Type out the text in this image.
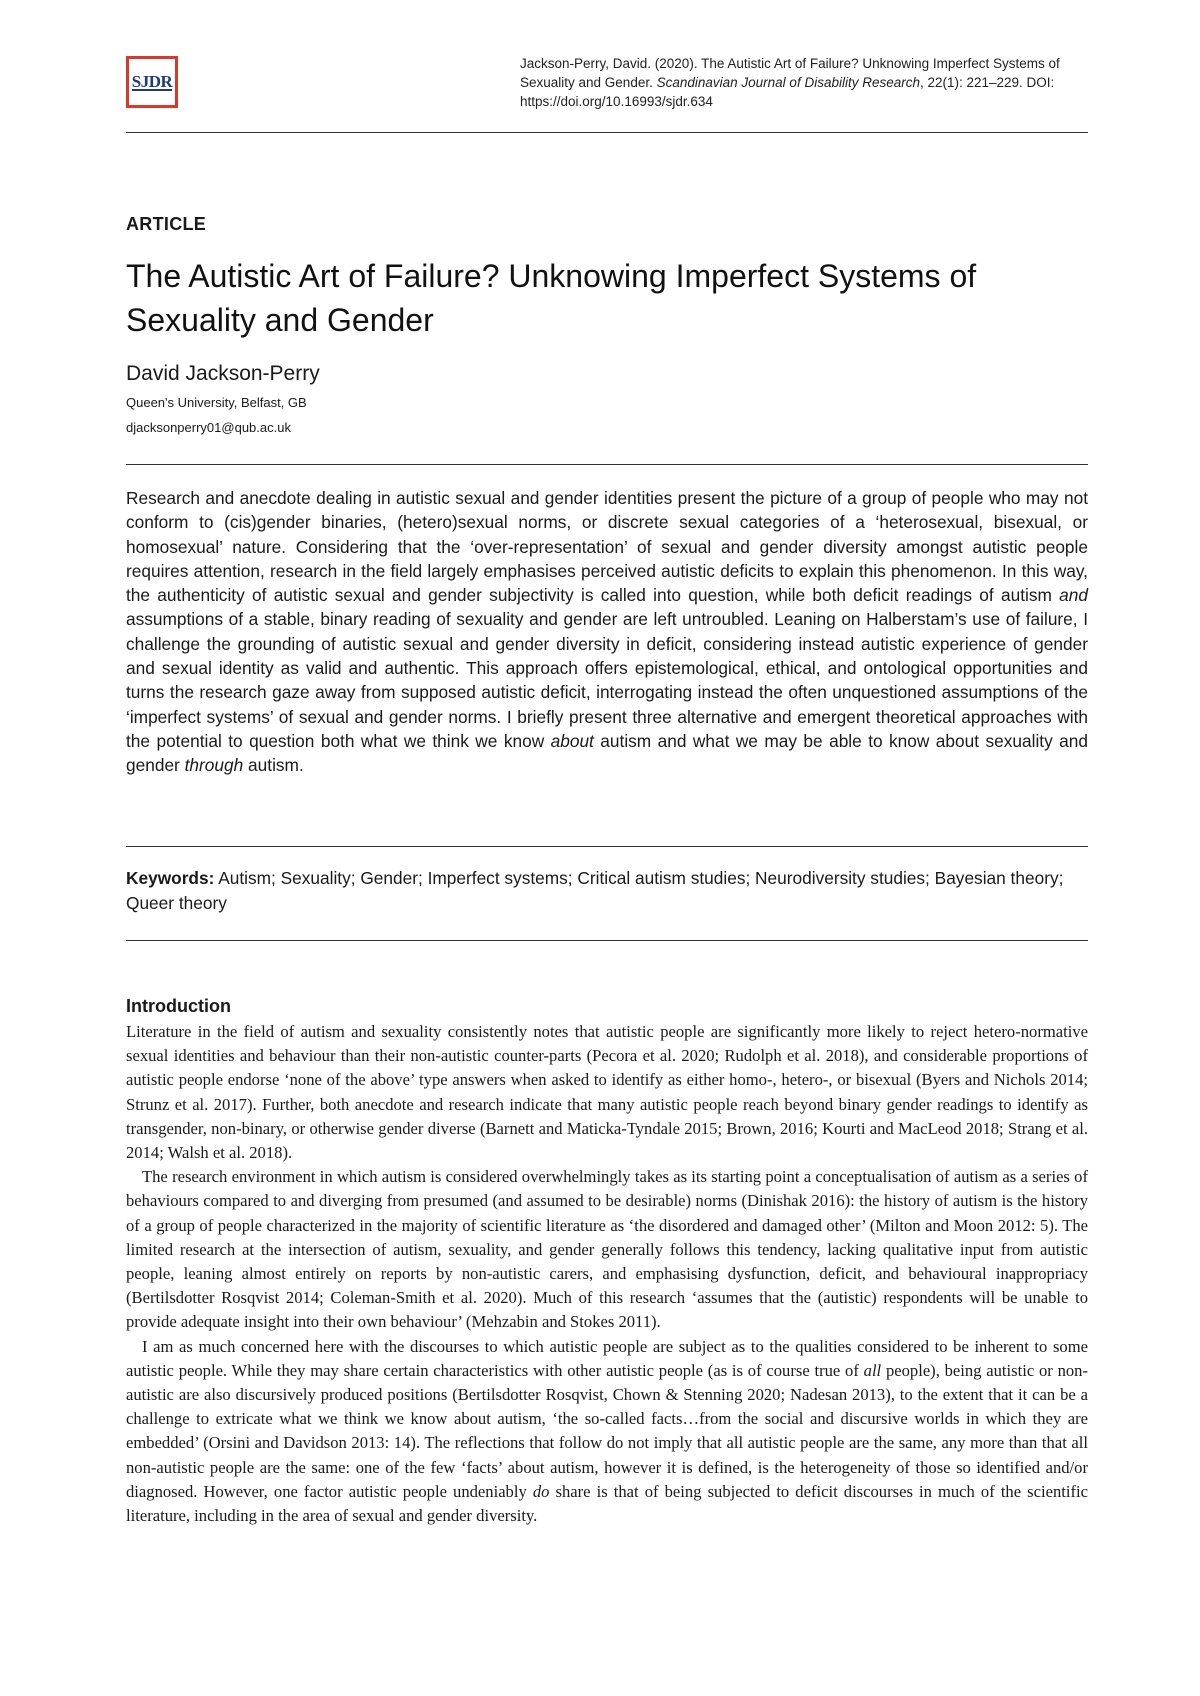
SJDR
Jackson-Perry, David. (2020). The Autistic Art of Failure? Unknowing Imperfect Systems of Sexuality and Gender. Scandinavian Journal of Disability Research, 22(1): 221–229. DOI: https://doi.org/10.16993/sjdr.634
ARTICLE
The Autistic Art of Failure? Unknowing Imperfect Systems of Sexuality and Gender
David Jackson-Perry
Queen's University, Belfast, GB
djacksonperry01@qub.ac.uk

Research and anecdote dealing in autistic sexual and gender identities present the picture of a group of people who may not conform to (cis)gender binaries, (hetero)sexual norms, or discrete sexual categories of a ‘heterosexual, bisexual, or homosexual’ nature. Considering that the ‘over-representation’ of sexual and gender diversity amongst autistic people requires attention, research in the field largely emphasises perceived autistic deficits to explain this phenomenon. In this way, the authenticity of autistic sexual and gender subjectivity is called into question, while both deficit readings of autism and assumptions of a stable, binary reading of sexuality and gender are left untroubled. Leaning on Halberstam’s use of failure, I challenge the grounding of autistic sexual and gender diversity in deficit, considering instead autistic experience of gender and sexual identity as valid and authentic. This approach offers epistemological, ethical, and ontological opportunities and turns the research gaze away from supposed autistic deficit, interrogating instead the often unquestioned assumptions of the ‘imperfect systems’ of sexual and gender norms. I briefly present three alternative and emergent theoretical approaches with the potential to question both what we think we know about autism and what we may be able to know about sexuality and gender through autism.

Keywords: Autism; Sexuality; Gender; Imperfect systems; Critical autism studies; Neurodiversity studies; Bayesian theory; Queer theory

Introduction

Literature in the field of autism and sexuality consistently notes that autistic people are significantly more likely to reject hetero-normative sexual identities and behaviour than their non-autistic counter-parts (Pecora et al. 2020; Rudolph et al. 2018), and considerable proportions of autistic people endorse ‘none of the above’ type answers when asked to identify as either homo-, hetero-, or bisexual (Byers and Nichols 2014; Strunz et al. 2017). Further, both anecdote and research indicate that many autistic people reach beyond binary gender readings to identify as transgender, non-binary, or otherwise gender diverse (Barnett and Maticka-Tyndale 2015; Brown, 2016; Kourti and MacLeod 2018; Strang et al. 2014; Walsh et al. 2018).

The research environment in which autism is considered overwhelmingly takes as its starting point a conceptualisation of autism as a series of behaviours compared to and diverging from presumed (and assumed to be desirable) norms (Dinishak 2016): the history of autism is the history of a group of people characterized in the majority of scientific literature as ‘the disordered and damaged other’ (Milton and Moon 2012: 5). The limited research at the intersection of autism, sexuality, and gender generally follows this tendency, lacking qualitative input from autistic people, leaning almost entirely on reports by non-autistic carers, and emphasising dysfunction, deficit, and behavioural inappropriacy (Bertilsdotter Rosqvist 2014; Coleman-Smith et al. 2020). Much of this research ‘assumes that the (autistic) respondents will be unable to provide adequate insight into their own behaviour’ (Mehzabin and Stokes 2011).

I am as much concerned here with the discourses to which autistic people are subject as to the qualities considered to be inherent to some autistic people. While they may share certain characteristics with other autistic people (as is of course true of all people), being autistic or non-autistic are also discursively produced positions (Bertilsdotter Rosqvist, Chown & Stenning 2020; Nadesan 2013), to the extent that it can be a challenge to extricate what we think we know about autism, ‘the so-called facts…from the social and discursive worlds in which they are embedded’ (Orsini and Davidson 2013: 14). The reflections that follow do not imply that all autistic people are the same, any more than that all non-autistic people are the same: one of the few ‘facts’ about autism, however it is defined, is the heterogeneity of those so identified and/or diagnosed. However, one factor autistic people undeniably do share is that of being subjected to deficit discourses in much of the scientific literature, including in the area of sexual and gender diversity.
